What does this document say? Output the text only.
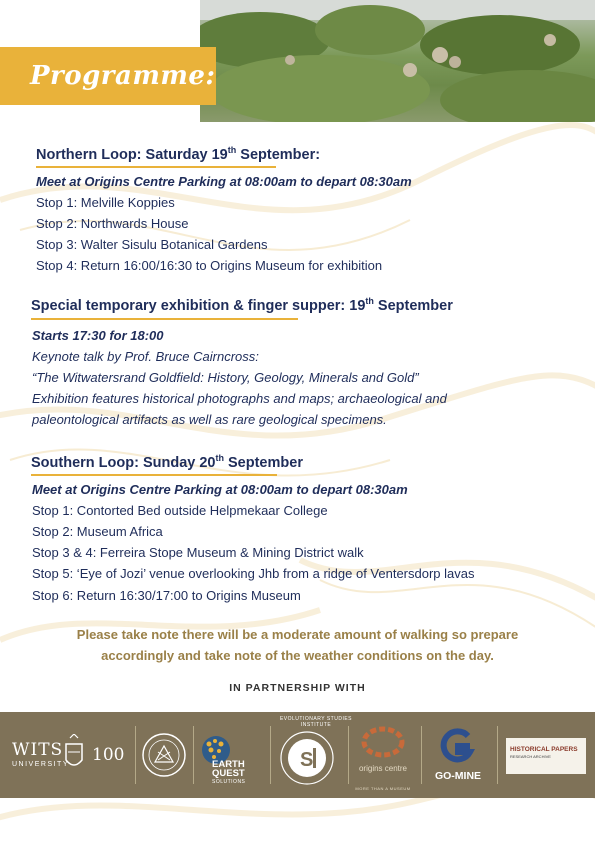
Programme:
Northern Loop: Saturday 19th September:
Meet at Origins Centre Parking at 08:00am to depart 08:30am
Stop 1: Melville Koppies
Stop 2: Northwards House
Stop 3: Walter Sisulu Botanical Gardens
Stop 4: Return 16:00/16:30 to Origins Museum for exhibition
Special temporary exhibition & finger supper: 19th September
Starts 17:30 for 18:00
Keynote talk by Prof. Bruce Cairncross:
“The Witwatersrand Goldfield: History, Geology, Minerals and Gold”
Exhibition features historical photographs and maps; archaeological and
paleontological artifacts as well as rare geological specimens.
Southern Loop: Sunday 20th September
Meet at Origins Centre Parking at 08:00am to depart 08:30am
Stop 1: Contorted Bed outside Helpmekaar College
Stop 2: Museum Africa
Stop 3 & 4: Ferreira Stope Museum & Mining District walk
Stop 5: ‘Eye of Jozi’ venue overlooking Jhb from a ridge of Ventersdorp lavas
Stop 6: Return 16:30/17:00 to Origins Museum
Please take note there will be a moderate amount of walking so prepare
accordingly and take note of the weather conditions on the day.
IN PARTNERSHIP WITH
WITS
UNIVERSITY 100	EARTH
QUEST
SOLUTIONS
S
EVOLUTIONARY STUDIES INSTITUTE
origins centre
MORE THAN A MUSEUM
GO-MINE
HISTORICAL PAPERS
RESEARCH ARCHIVE
